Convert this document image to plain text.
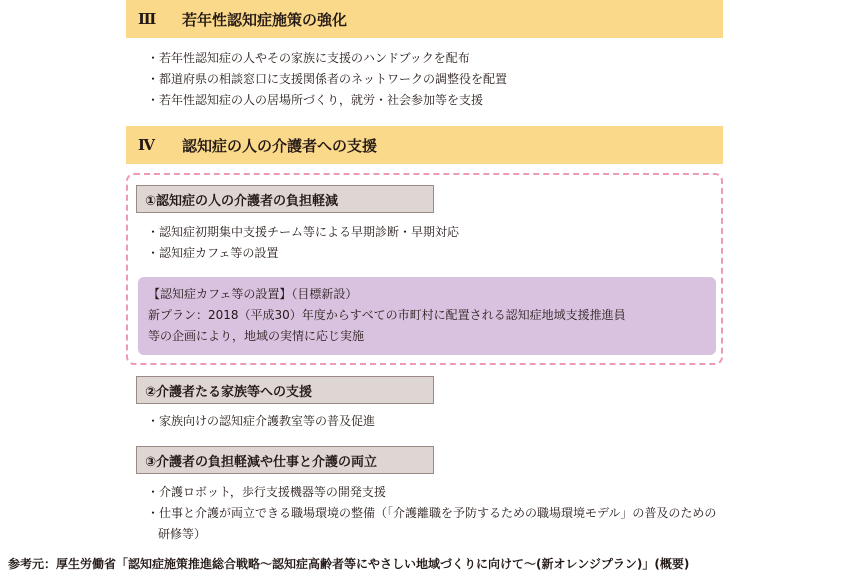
Ⅲ	若年性認知症施策の強化
・若年性認知症の人やその家族に支援のハンドブックを配布
・都道府県の相談窓口に支援関係者のネットワークの調整役を配置
・若年性認知症の人の居場所づくり，就労・社会参加等を支援
Ⅳ	認知症の人の介護者への支援
①認知症の人の介護者の負担軽減
・認知症初期集中支援チーム等による早期診断・早期対応
・認知症カフェ等の設置
【認知症カフェ等の設置】（目標新設）
新プラン：2018（平成30）年度からすべての市町村に配置される認知症地域支援推進員
等の企画により，地域の実情に応じ実施
②介護者たる家族等への支援
・家族向けの認知症介護教室等の普及促進
③介護者の負担軽減や仕事と介護の両立
・介護ロボット，歩行支援機器等の開発支援
・仕事と介護が両立できる職場環境の整備（「介護離職を予防するための職場環境モデル」の普及のための研修等）
参考元：厚生労働省「認知症施策推進総合戦略～認知症高齢者等にやさしい地域づくりに向けて～(新オレンジプラン)」(概要)
